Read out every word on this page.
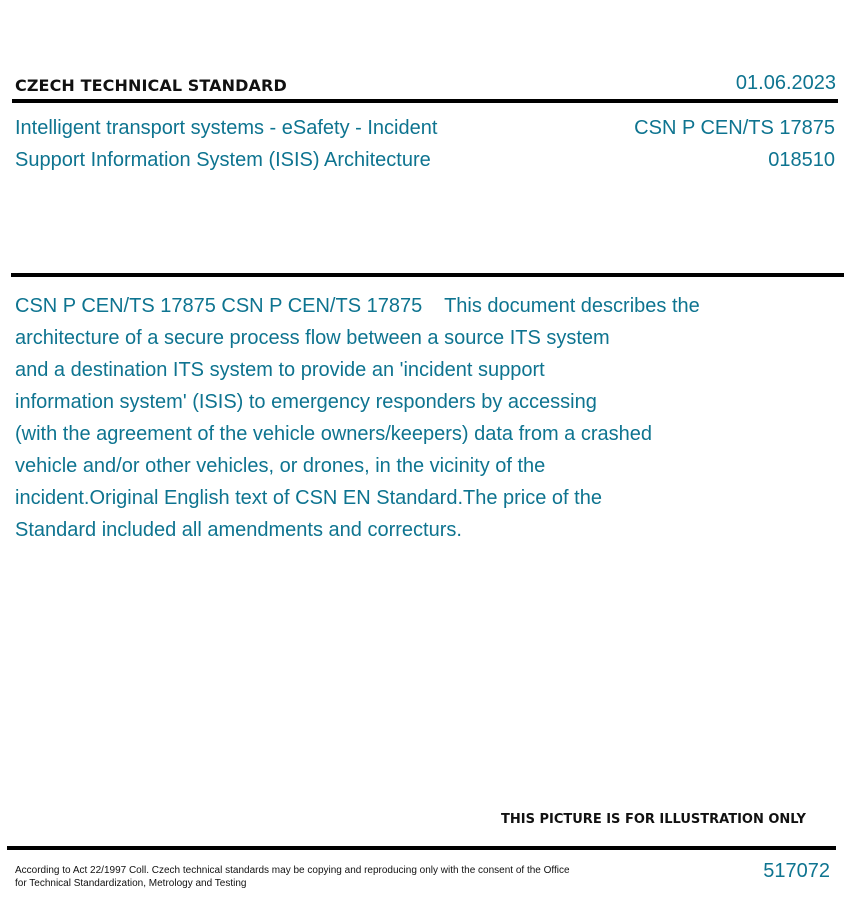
CZECH TECHNICAL STANDARD	01.06.2023
Intelligent transport systems - eSafety - Incident
Support Information System (ISIS) Architecture
CSN P CEN/TS 17875
018510
CSN P CEN/TS 17875 CSN P CEN/TS 17875    This document describes the
architecture of a secure process flow between a source ITS system
and a destination ITS system to provide an 'incident support
information system' (ISIS) to emergency responders by accessing
(with the agreement of the vehicle owners/keepers) data from a crashed
vehicle and/or other vehicles, or drones, in the vicinity of the
incident.Original English text of CSN EN Standard.The price of the
Standard included all amendments and correcturs.
THIS PICTURE IS FOR ILLUSTRATION ONLY
According to Act 22/1997 Coll. Czech technical standards may be copying and reproducing only with the consent of the Office
for Technical Standardization, Metrology and Testing
517072
